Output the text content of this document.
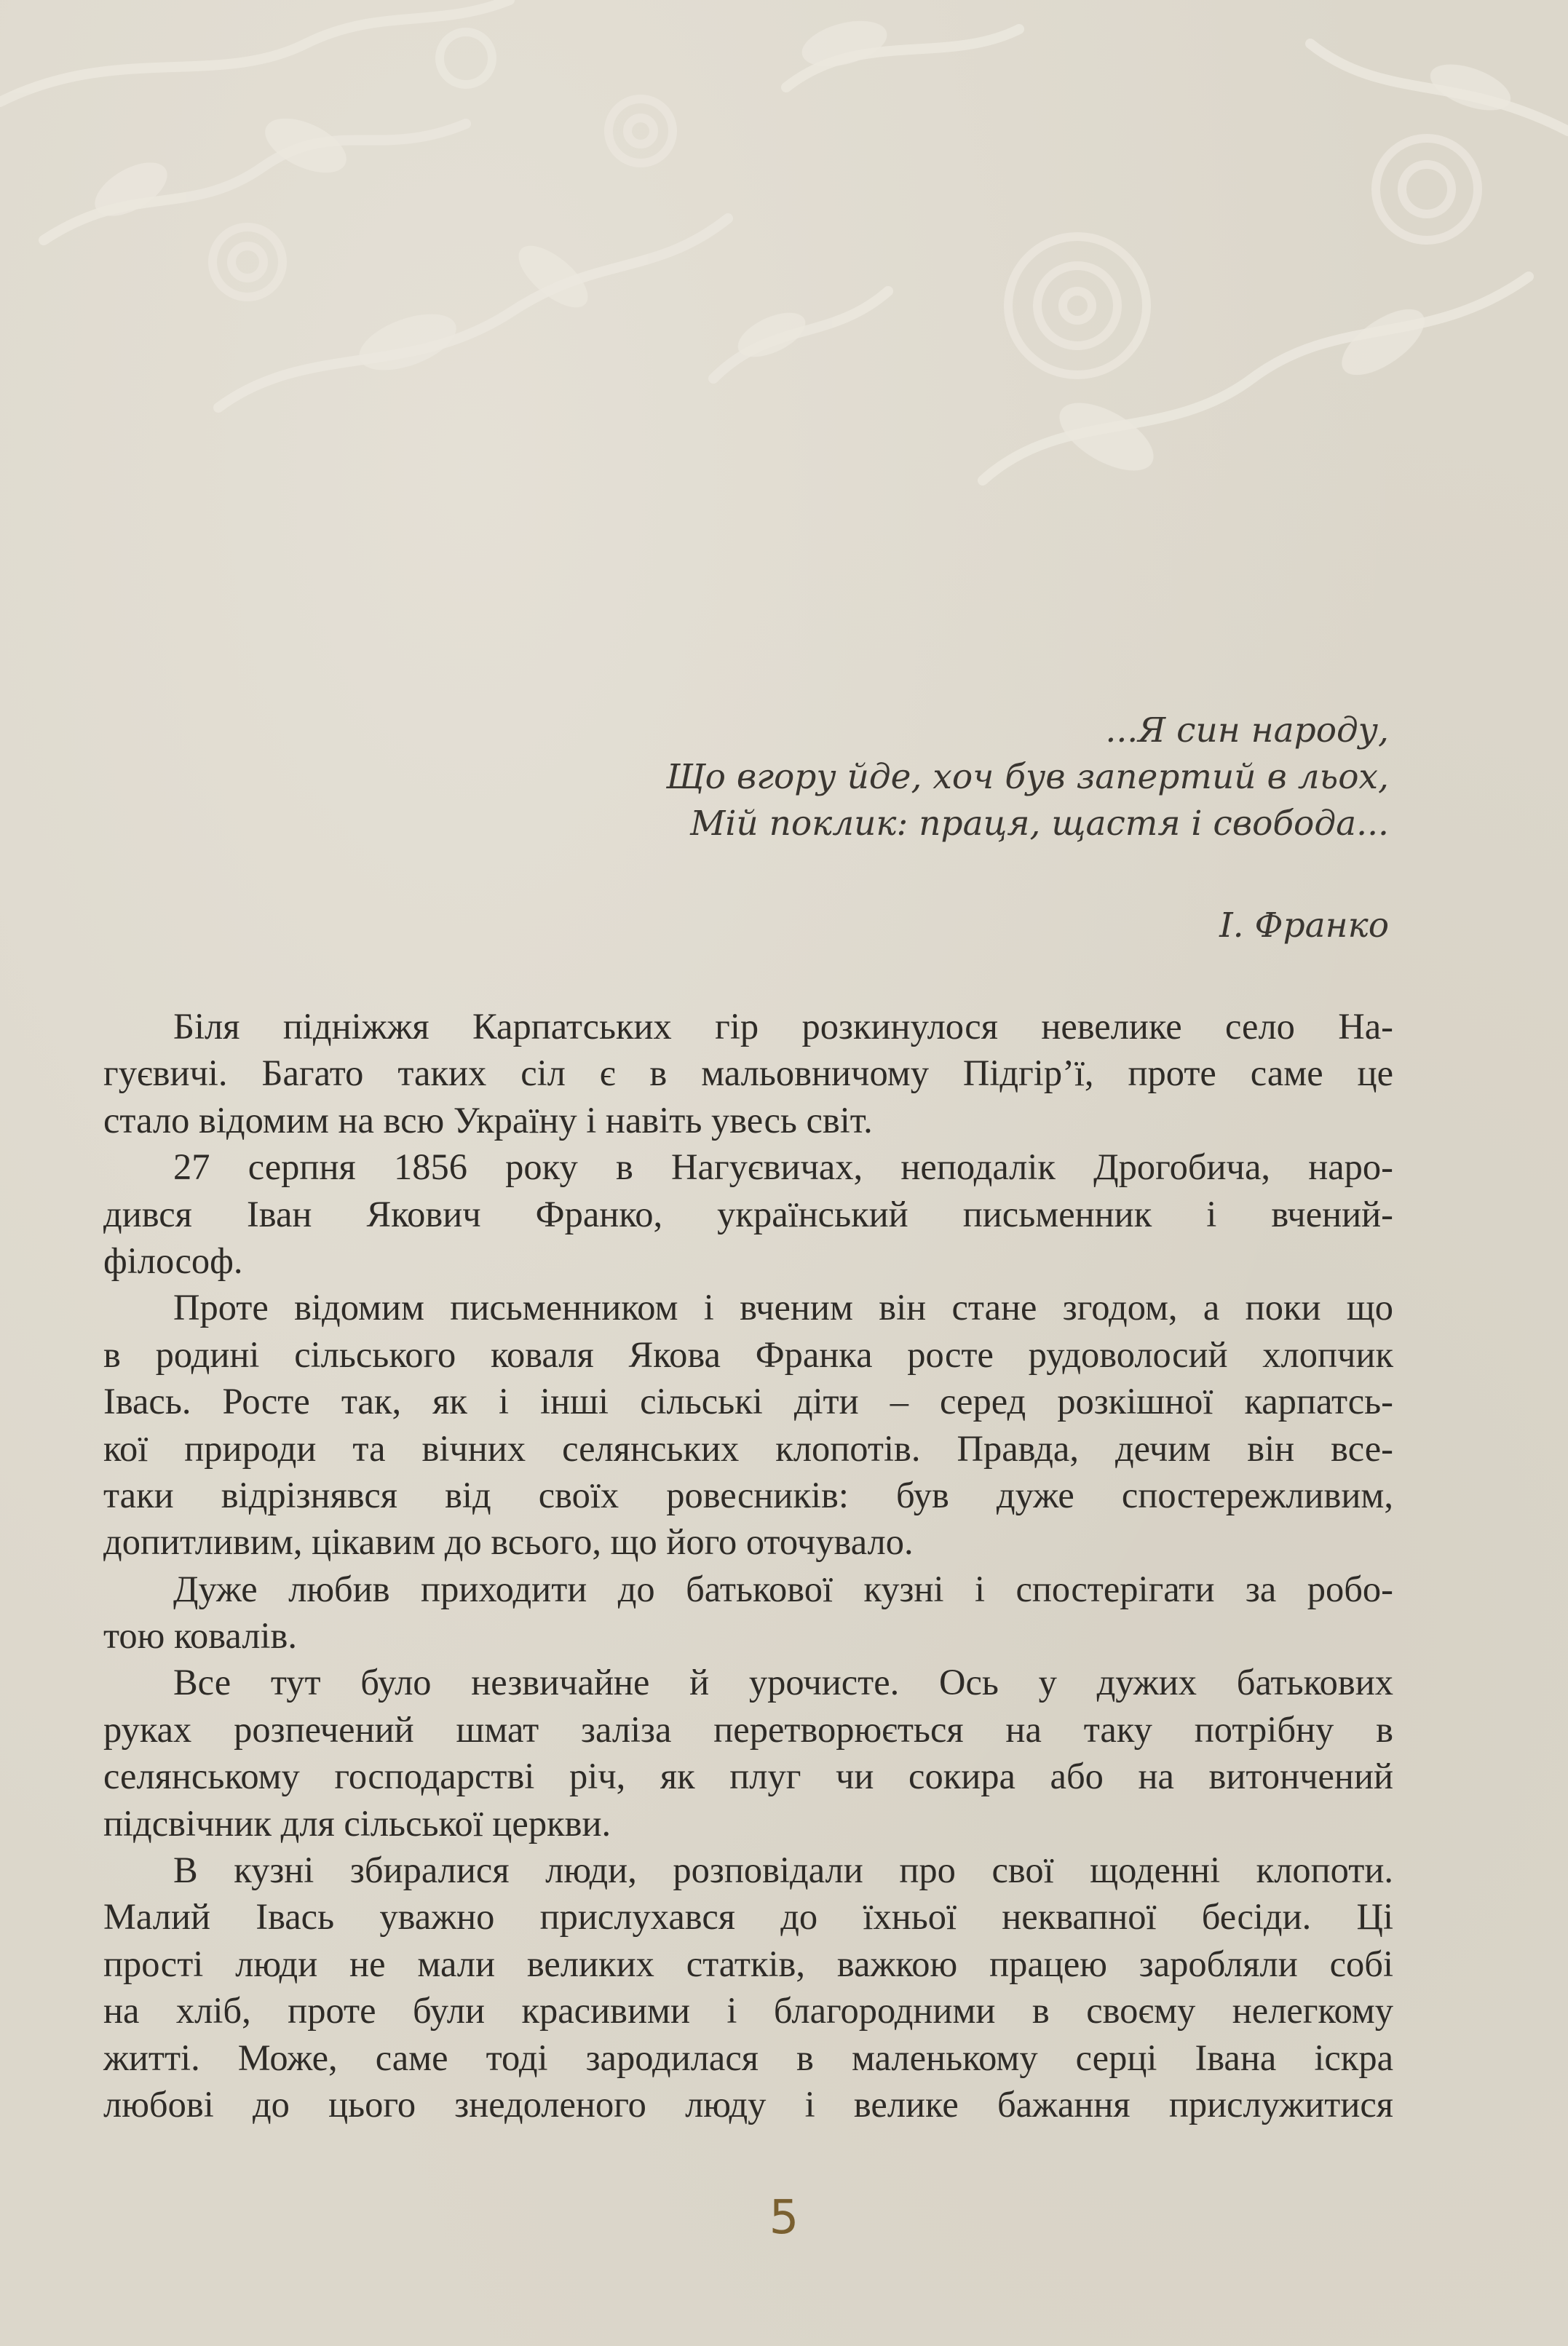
...Я син народу,
Що вгору йде, хоч був запертий в льох,
Мій поклик: праця, щастя і свобода...
І. Франко
Біля підніжжя Карпатських гір розкинулося невелике село На-
гуєвичі. Багато таких сіл є в мальовничому Підгір’ї, проте саме це
стало відомим на всю Україну і навіть увесь світ.
27 серпня 1856 року в Нагуєвичах, неподалік Дрогобича, наро-
дився Іван Якович Франко, український письменник і вчений-
філософ.
Проте відомим письменником і вченим він стане згодом, а поки що
в родині сільського коваля Якова Франка росте рудоволосий хлопчик
Івась. Росте так, як і інші сільські діти – серед розкішної карпатсь-
кої природи та вічних селянських клопотів. Правда, дечим він все-
таки відрізнявся від своїх ровесників: був дуже спостережливим,
допитливим, цікавим до всього, що його оточувало.
Дуже любив приходити до батькової кузні і спостерігати за робо-
тою ковалів.
Все тут було незвичайне й урочисте. Ось у дужих батькових
руках розпечений шмат заліза перетворюється на таку потрібну в
селянському господарстві річ, як плуг чи сокира або на витончений
підсвічник для сільської церкви.
В кузні збиралися люди, розповідали про свої щоденні клопоти.
Малий Івась уважно прислухався до їхньої неквапної бесіди. Ці
прості люди не мали великих статків, важкою працею заробляли собі
на хліб, проте були красивими і благородними в своєму нелегкому
житті. Може, саме тоді зародилася в маленькому серці Івана іскра
любові до цього знедоленого люду і велике бажання прислужитися
5
